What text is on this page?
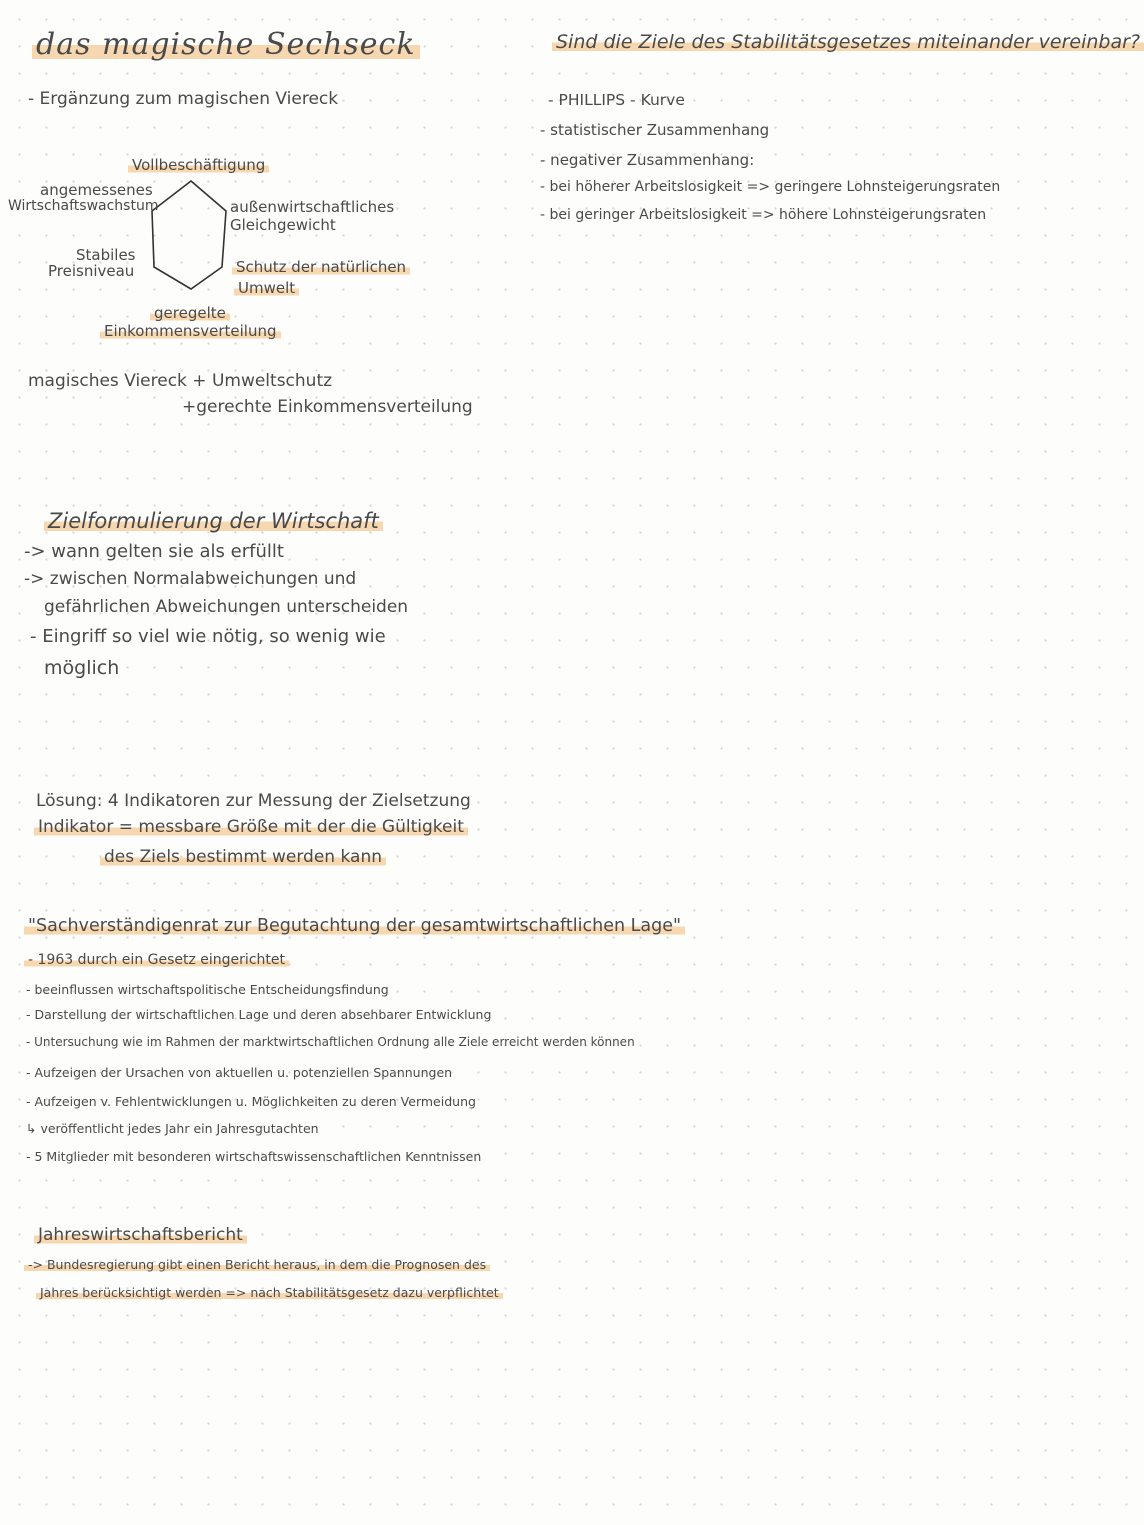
das magische Sechseck
- Ergänzung zum magischen Viereck
Vollbeschäftigung
angemessenes
Wirtschaftswachstum	außenwirtschaftliches
Gleichgewicht
Stabiles
Preisniveau	Schutz der natürlichen
Umwelt
geregelte
Einkommensverteilung
magisches Viereck + Umweltschutz
+gerechte Einkommensverteilung
Zielformulierung der Wirtschaft
-> wann gelten sie als erfüllt
-> zwischen Normalabweichungen und
gefährlichen Abweichungen unterscheiden
- Eingriff so viel wie nötig, so wenig wie
möglich
Lösung: 4 Indikatoren zur Messung der Zielsetzung
Indikator = messbare Größe mit der die Gültigkeit
des Ziels bestimmt werden kann
"Sachverständigenrat zur Begutachtung der gesamtwirtschaftlichen Lage"
- 1963 durch ein Gesetz eingerichtet
- beeinflussen wirtschaftspolitische Entscheidungsfindung
- Darstellung der wirtschaftlichen Lage und deren absehbarer Entwicklung
- Untersuchung wie im Rahmen der marktwirtschaftlichen Ordnung alle Ziele erreicht werden können
- Aufzeigen der Ursachen von aktuellen u. potenziellen Spannungen
- Aufzeigen v. Fehlentwicklungen u. Möglichkeiten zu deren Vermeidung
↳ veröffentlicht jedes Jahr ein Jahresgutachten
- 5 Mitglieder mit besonderen wirtschaftswissenschaftlichen Kenntnissen
Jahreswirtschaftsbericht
-> Bundesregierung gibt einen Bericht heraus, in dem die Prognosen des
Jahres berücksichtigt werden => nach Stabilitätsgesetz dazu verpflichtet
Sind die Ziele des Stabilitätsgesetzes miteinander vereinbar?
- PHILLIPS - Kurve
- statistischer Zusammenhang
- negativer Zusammenhang:
- bei höherer Arbeitslosigkeit => geringere Lohnsteigerungsraten
- bei geringer Arbeitslosigkeit => höhere Lohnsteigerungsraten
